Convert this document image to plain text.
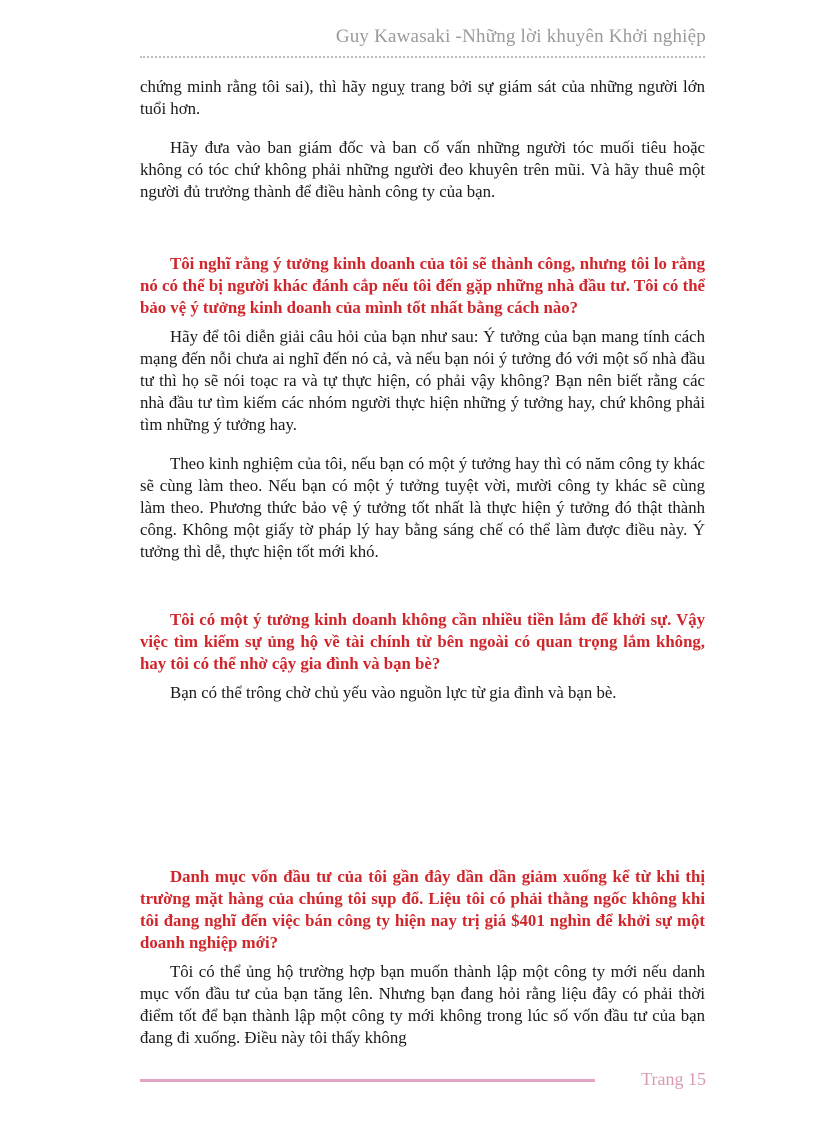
Guy Kawasaki -Những lời khuyên Khởi nghiệp

chứng minh rằng tôi sai), thì hãy nguỵ trang bởi sự giám sát của những người lớn tuổi hơn.

Hãy đưa vào ban giám đốc và ban cố vấn những người tóc muối tiêu hoặc không có tóc chứ không phải những người đeo khuyên trên mũi. Và hãy thuê một người đủ trưởng thành để điều hành công ty của bạn.

Tôi nghĩ rằng ý tưởng kinh doanh của tôi sẽ thành công, nhưng tôi lo rằng nó có thể bị người khác đánh cắp nếu tôi đến gặp những nhà đầu tư. Tôi có thể bảo vệ ý tưởng kinh doanh của mình tốt nhất bằng cách nào?

Hãy để tôi diễn giải câu hỏi của bạn như sau: Ý tưởng của bạn mang tính cách mạng đến nỗi chưa ai nghĩ đến nó cả, và nếu bạn nói ý tưởng đó với một số nhà đầu tư thì họ sẽ nói toạc ra và tự thực hiện, có phải vậy không? Bạn nên biết rằng các nhà đầu tư tìm kiếm các nhóm người thực hiện những ý tưởng hay, chứ không phải tìm những ý tưởng hay.

Theo kinh nghiệm của tôi, nếu bạn có một ý tưởng hay thì có năm công ty khác sẽ cùng làm theo. Nếu bạn có một ý tưởng tuyệt vời, mười công ty khác sẽ cùng làm theo. Phương thức bảo vệ ý tưởng tốt nhất là thực hiện ý tưởng đó thật thành công. Không một giấy tờ pháp lý hay bằng sáng chế có thể làm được điều này. Ý tưởng thì dễ, thực hiện tốt mới khó.

Tôi có một ý tưởng kinh doanh không cần nhiều tiền lắm để khởi sự. Vậy việc tìm kiếm sự ủng hộ về tài chính từ bên ngoài có quan trọng lắm không, hay tôi có thể nhờ cậy gia đình và bạn bè?

Bạn có thể trông chờ chủ yếu vào nguồn lực từ gia đình và bạn bè.

Danh mục vốn đầu tư của tôi gần đây dần dần giảm xuống kể từ khi thị trường mặt hàng của chúng tôi sụp đổ. Liệu tôi có phải thằng ngốc không khi tôi đang nghĩ đến việc bán công ty hiện nay trị giá $401 nghìn để khởi sự một doanh nghiệp mới?

Tôi có thể ủng hộ trường hợp bạn muốn thành lập một công ty mới nếu danh mục vốn đầu tư của bạn tăng lên. Nhưng bạn đang hỏi rằng liệu đây có phải thời điểm tốt để bạn thành lập một công ty mới không trong lúc số vốn đầu tư của bạn đang đi xuống. Điều này tôi thấy không

Trang 15
